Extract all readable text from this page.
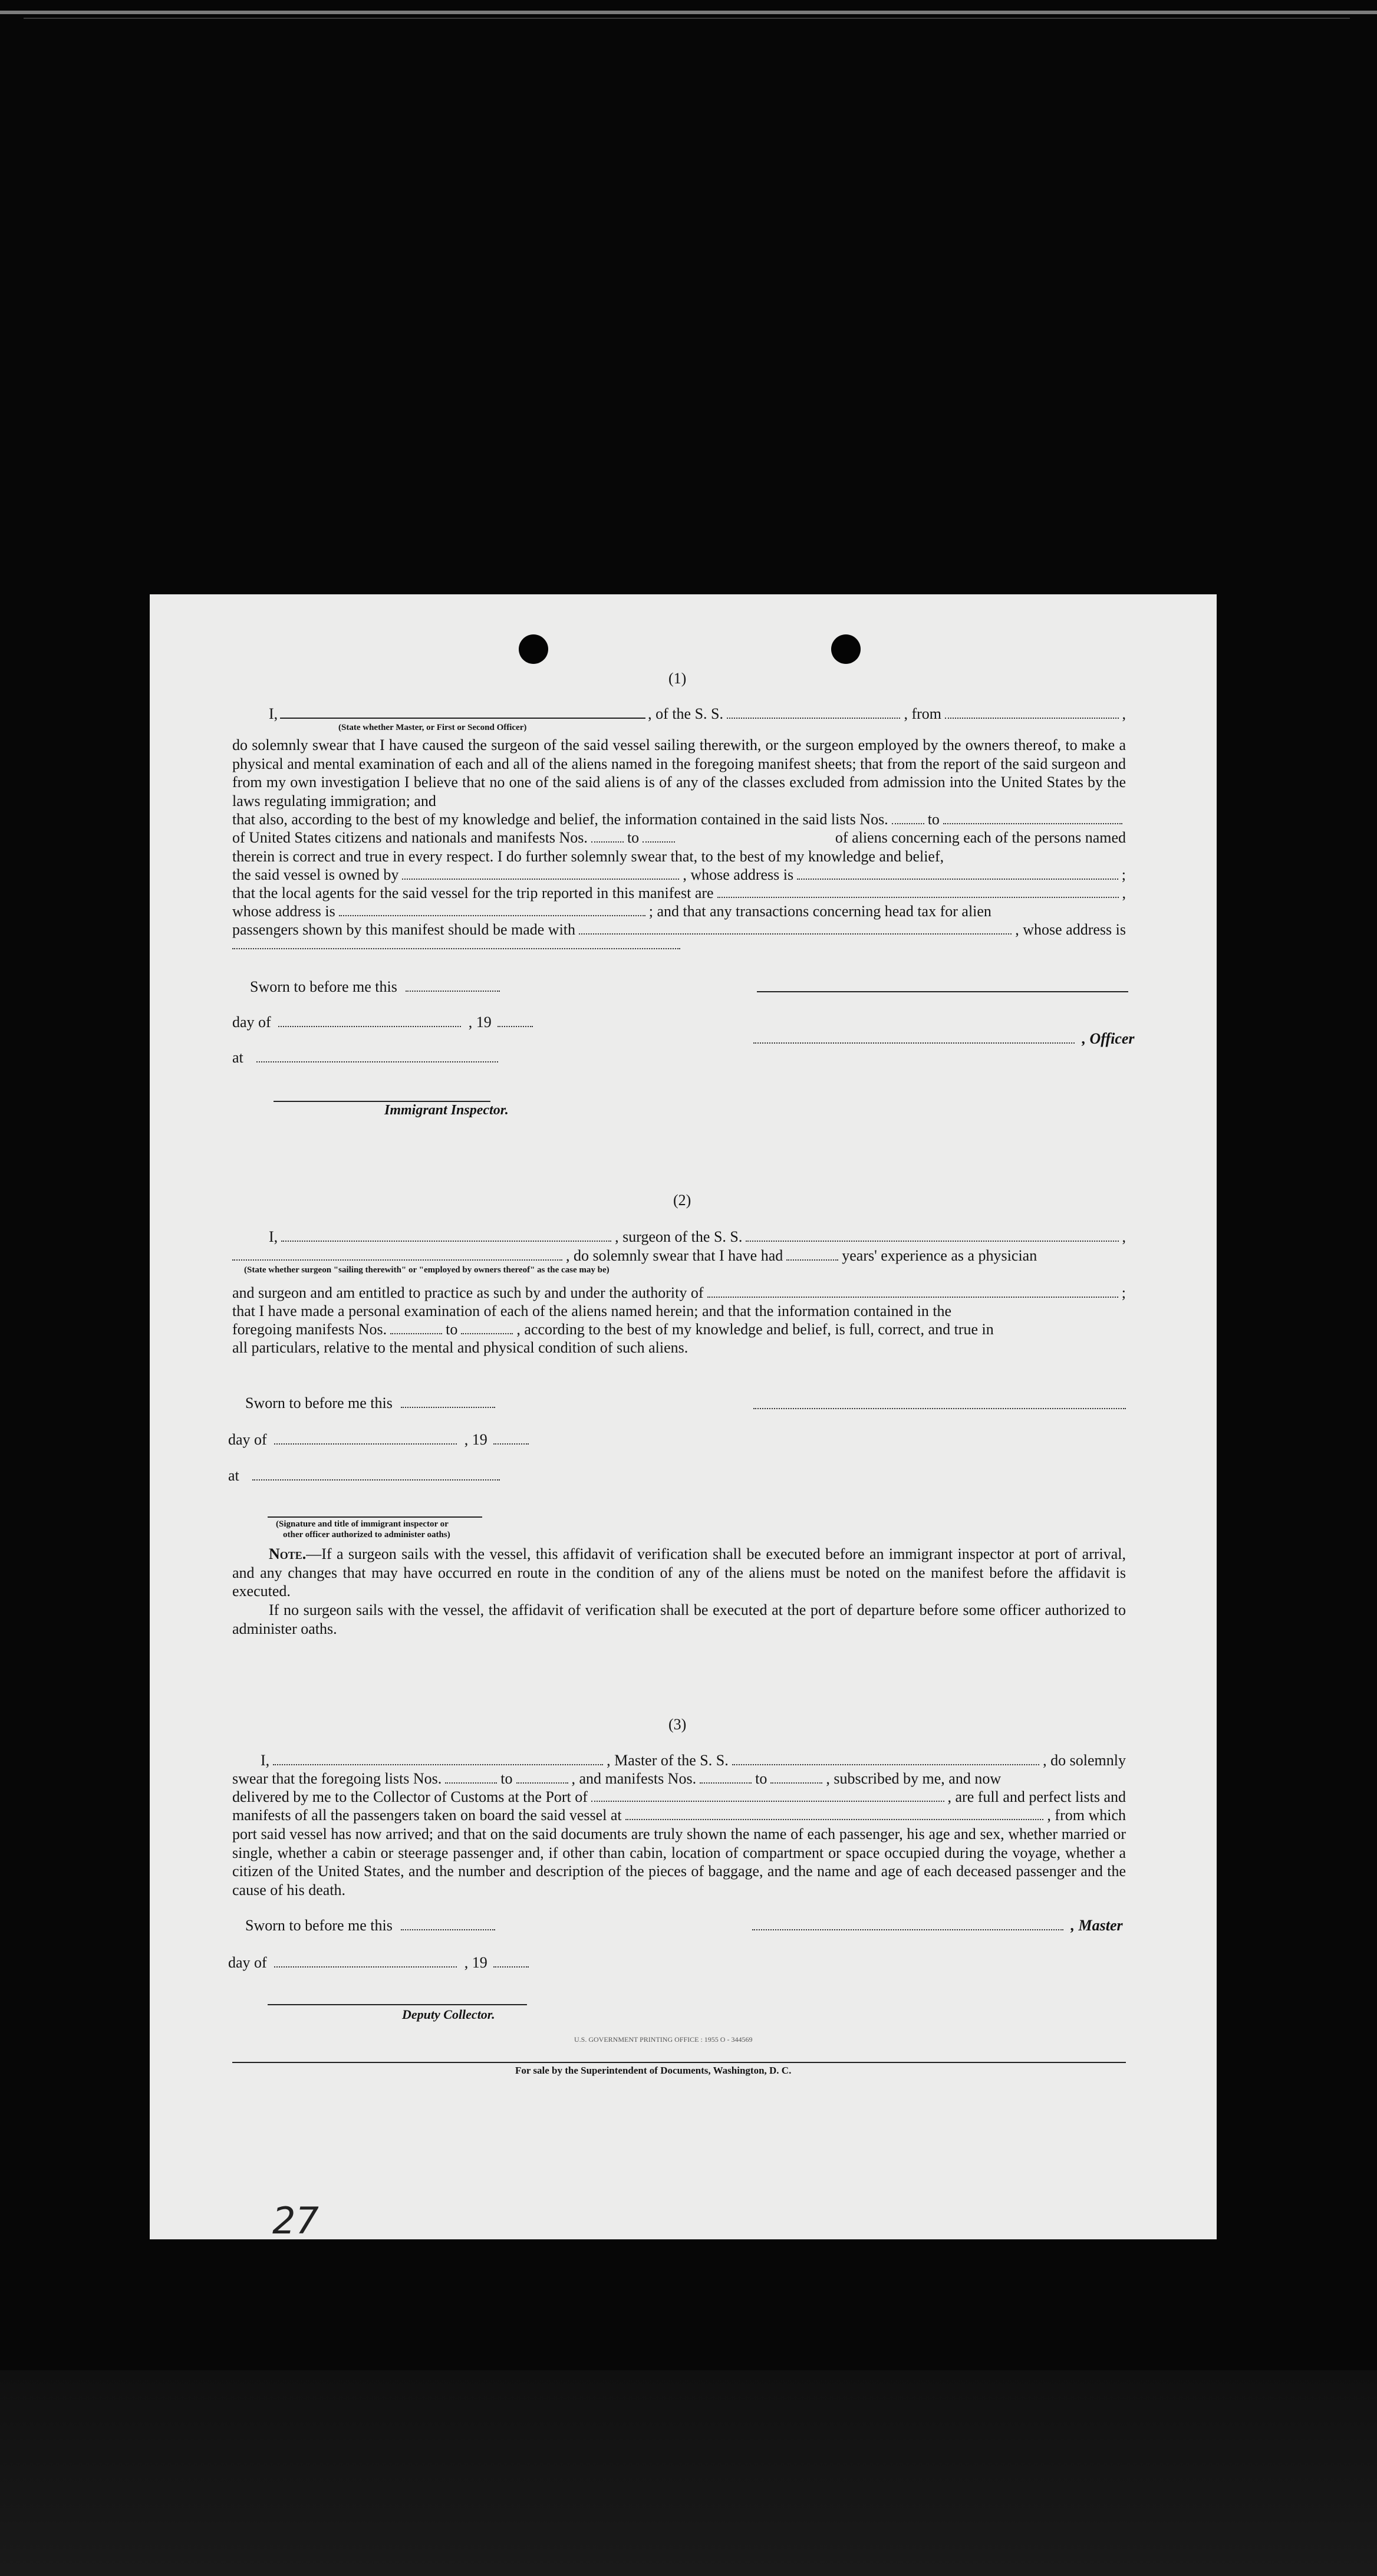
(1)
I,	, of the S. S.	, from	,
(State whether Master, or First or Second Officer)
do solemnly swear that I have caused the surgeon of the said vessel sailing therewith, or the surgeon employed by the owners thereof, to make a physical and mental examination of each and all of the aliens named in the foregoing manifest sheets; that from the report of the said surgeon and from my own investigation I believe that no one of the said aliens is of any of the classes excluded from admission into the United States by the laws regulating immigration; and
that also, according to the best of my knowledge and belief, the information contained in the said lists Nos.	to
of United States citizens and nationals and manifests Nos.	to	of aliens concerning each of the persons named
therein is correct and true in every respect. I do further solemnly swear that, to the best of my knowledge and belief,
the said vessel is owned by	, whose address is	;
that the local agents for the said vessel for the trip reported in this manifest are	,
whose address is	; and that any transactions concerning head tax for alien
passengers shown by this manifest should be made with	, whose address is
Sworn to before me this
day of	, 19
, Officer
at
Immigrant Inspector.
(2)
I,	, surgeon of the S. S.	,
, do solemnly swear that I have had	years' experience as a physician
(State whether surgeon "sailing therewith" or "employed by owners thereof" as the case may be)
and surgeon and am entitled to practice as such by and under the authority of	;
that I have made a personal examination of each of the aliens named herein; and that the information contained in the
foregoing manifests Nos.	to	, according to the best of my knowledge and belief, is full, correct, and true in
all particulars, relative to the mental and physical condition of such aliens.
Sworn to before me this
day of	, 19
at
(Signature and title of immigrant inspector or
other officer authorized to administer oaths)
Note.—If a surgeon sails with the vessel, this affidavit of verification shall be executed before an immigrant inspector at port of arrival, and any changes that may have occurred en route in the condition of any of the aliens must be noted on the manifest before the affidavit is executed.
If no surgeon sails with the vessel, the affidavit of verification shall be executed at the port of departure before some officer authorized to administer oaths.
(3)
I,	, Master of the S. S.	, do solemnly
swear that the foregoing lists Nos.	to	, and manifests Nos.	to	, subscribed by me, and now
delivered by me to the Collector of Customs at the Port of	, are full and perfect lists and
manifests of all the passengers taken on board the said vessel at	, from which
port said vessel has now arrived; and that on the said documents are truly shown the name of each passenger, his age and sex, whether married or single, whether a cabin or steerage passenger and, if other than cabin, location of compartment or space occupied during the voyage, whether a citizen of the United States, and the number and description of the pieces of baggage, and the name and age of each deceased passenger and the cause of his death.
Sworn to before me this	, Master
day of	, 19
Deputy Collector.
U.S. GOVERNMENT PRINTING OFFICE : 1955 O - 344569
For sale by the Superintendent of Documents, Washington, D. C.
27
